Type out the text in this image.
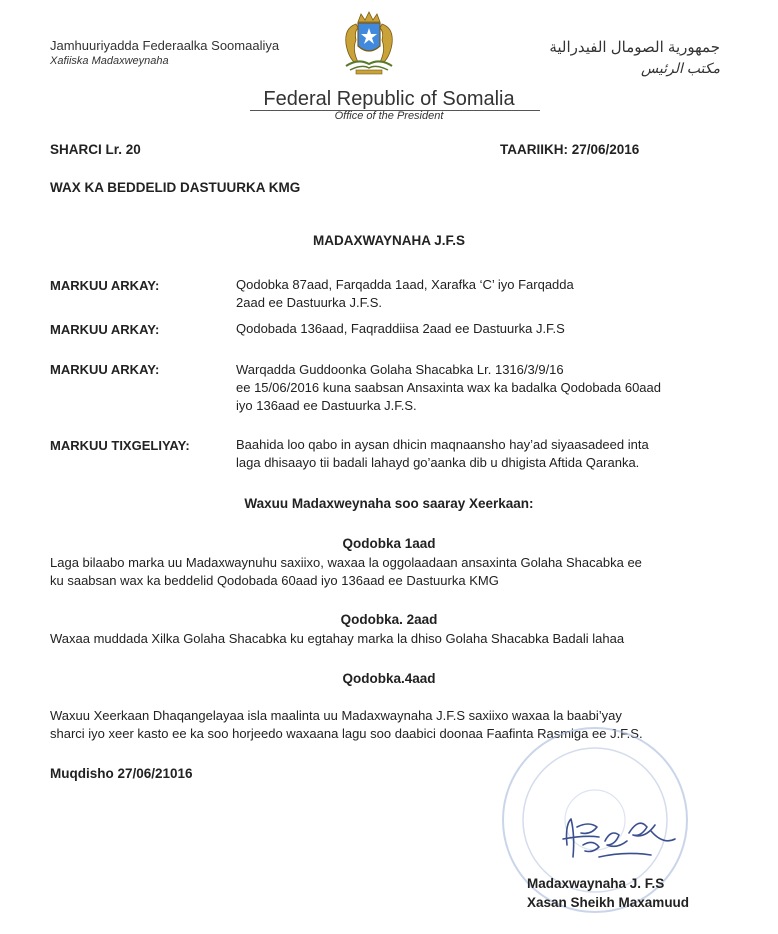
Jamhuuriyadda Federaalka Soomaaliya
Xafiiska Madaxweynaha
جمهورية الصومال الفيدرالية
مكتب الرئيس
Federal Republic of Somalia
Office of the President
SHARCI Lr. 20	TAARIIKH: 27/06/2016
WAX KA BEDDELID DASTUURKA KMG
MADAXWAYNAHA J.F.S
MARKUU ARKAY:	Qodobka 87aad, Farqadda 1aad, Xarafka ‘C’ iyo Farqadda
2aad ee Dastuurka J.F.S.
MARKUU ARKAY:	Qodobada 136aad, Faqraddiisa 2aad ee Dastuurka J.F.S
MARKUU ARKAY:	Warqadda Guddoonka Golaha Shacabka Lr. 1316/3/9/16
ee 15/06/2016 kuna saabsan Ansaxinta wax ka badalka Qodobada 60aad
iyo 136aad ee Dastuurka J.F.S.
MARKUU TIXGELIYAY:	Baahida loo qabo in aysan dhicin maqnaansho hay’ad siyaasadeed inta
laga dhisaayo tii badali lahayd go’aanka dib u dhigista Aftida Qaranka.
Waxuu Madaxweynaha soo saaray Xeerkaan:
Qodobka 1aad
Laga bilaabo marka uu Madaxwaynuhu saxiixo, waxaa la oggolaadaan ansaxinta Golaha Shacabka ee
ku saabsan wax ka beddelid Qodobada 60aad iyo 136aad ee Dastuurka KMG
Qodobka. 2aad
Waxaa muddada Xilka Golaha Shacabka ku egtahay marka la dhiso Golaha Shacabka Badali lahaa
Qodobka.4aad
Waxuu Xeerkaan Dhaqangelayaa isla maalinta uu Madaxwaynaha J.F.S saxiixo waxaa la baabi’yay
sharci iyo xeer kasto ee ka soo horjeedo waxaana lagu soo daabici doonaa Faafinta Rasmiga ee J.F.S.
Muqdisho 27/06/21016
Madaxwaynaha J. F.S
Xasan Sheikh Maxamuud
